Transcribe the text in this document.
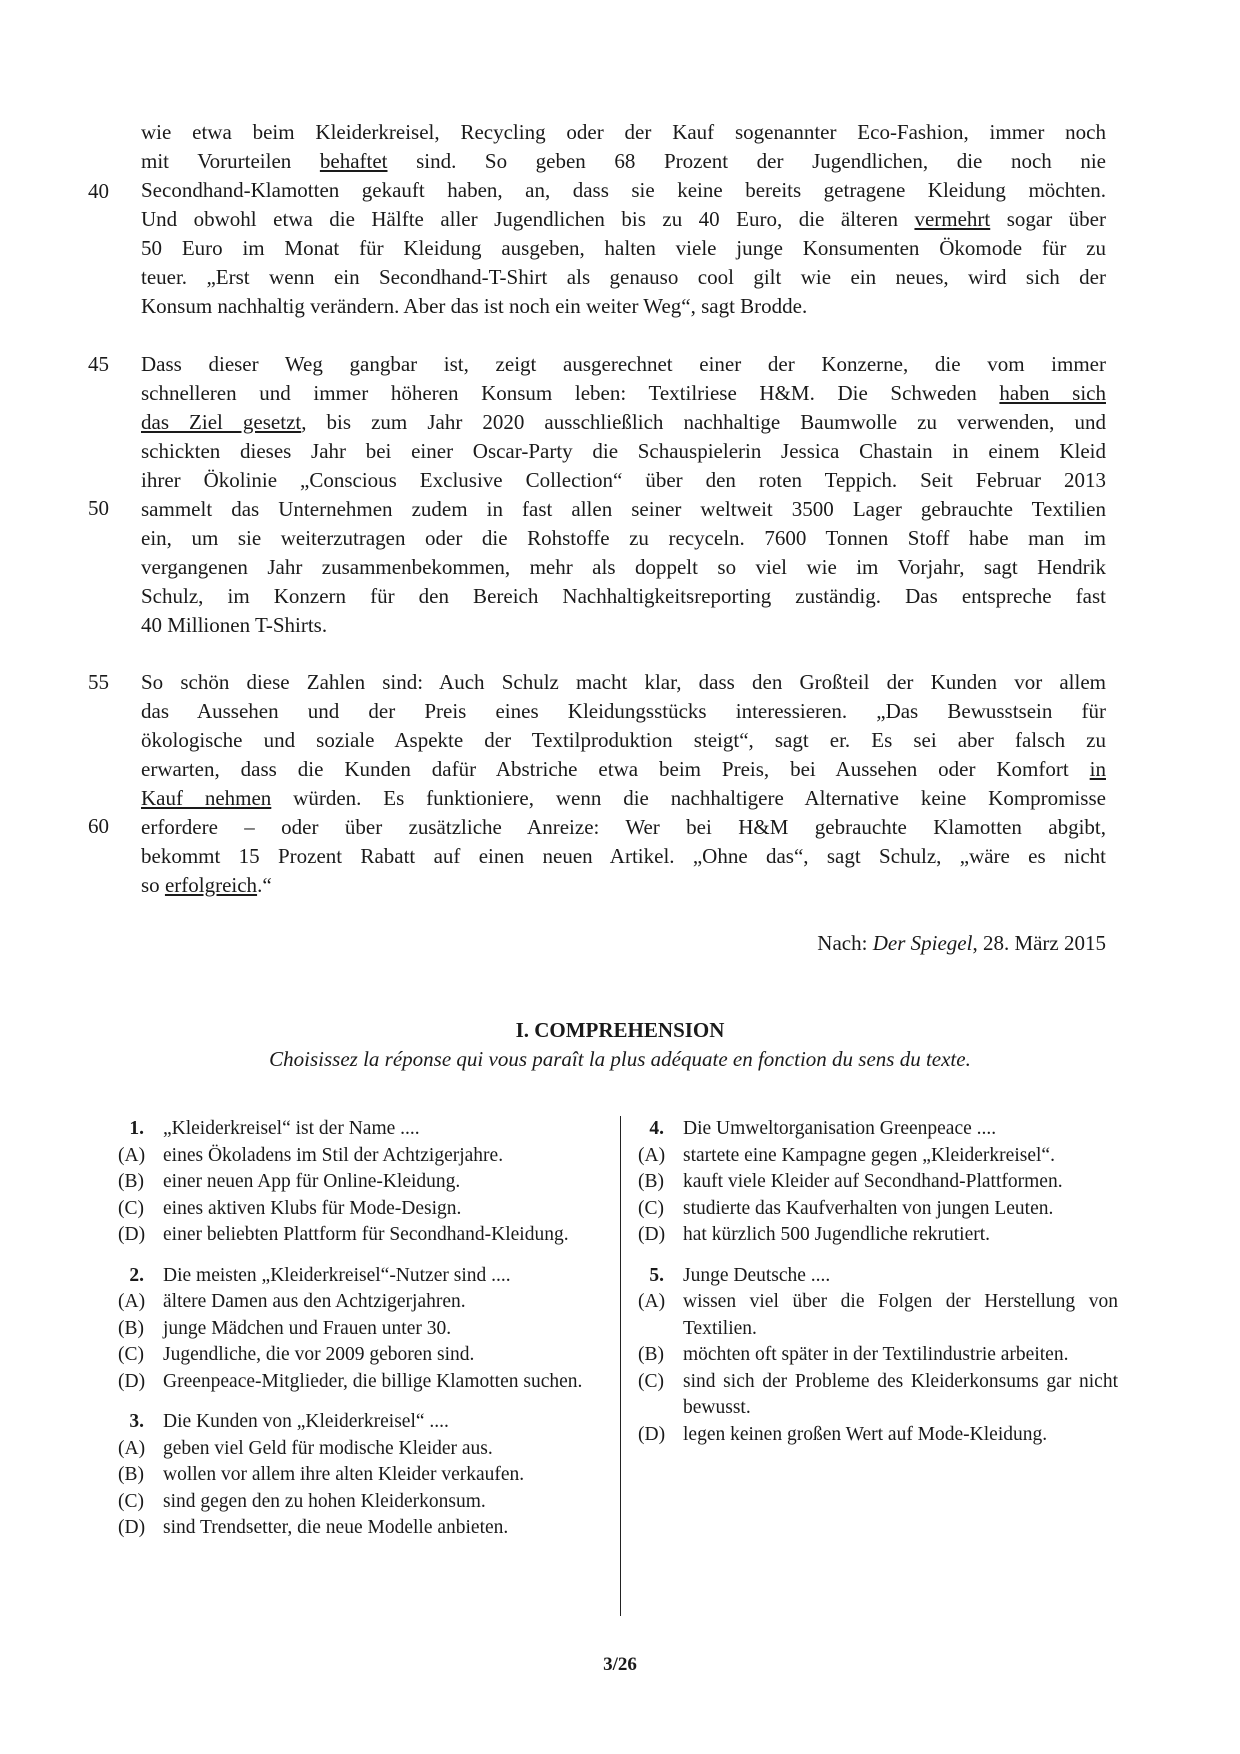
40
45
50
55
60
wie etwa beim Kleiderkreisel, Recycling oder der Kauf sogenannter Eco-Fashion, immer noch
mit Vorurteilen behaftet sind. So geben 68 Prozent der Jugendlichen, die noch nie
Secondhand-Klamotten gekauft haben, an, dass sie keine bereits getragene Kleidung möchten.
Und obwohl etwa die Hälfte aller Jugendlichen bis zu 40 Euro, die älteren vermehrt sogar über
50 Euro im Monat für Kleidung ausgeben, halten viele junge Konsumenten Ökomode für zu
teuer. „Erst wenn ein Secondhand-T-Shirt als genauso cool gilt wie ein neues, wird sich der
Konsum nachhaltig verändern. Aber das ist noch ein weiter Weg“, sagt Brodde.
Dass dieser Weg gangbar ist, zeigt ausgerechnet einer der Konzerne, die vom immer
schnelleren und immer höheren Konsum leben: Textilriese H&M. Die Schweden haben sich
das Ziel gesetzt, bis zum Jahr 2020 ausschließlich nachhaltige Baumwolle zu verwenden, und
schickten dieses Jahr bei einer Oscar-Party die Schauspielerin Jessica Chastain in einem Kleid
ihrer Ökolinie „Conscious Exclusive Collection“ über den roten Teppich. Seit Februar 2013
sammelt das Unternehmen zudem in fast allen seiner weltweit 3500 Lager gebrauchte Textilien
ein, um sie weiterzutragen oder die Rohstoffe zu recyceln. 7600 Tonnen Stoff habe man im
vergangenen Jahr zusammenbekommen, mehr als doppelt so viel wie im Vorjahr, sagt Hendrik
Schulz, im Konzern für den Bereich Nachhaltigkeitsreporting zuständig. Das entspreche fast
40 Millionen T-Shirts.
So schön diese Zahlen sind: Auch Schulz macht klar, dass den Großteil der Kunden vor allem
das Aussehen und der Preis eines Kleidungsstücks interessieren. „Das Bewusstsein für
ökologische und soziale Aspekte der Textilproduktion steigt“, sagt er. Es sei aber falsch zu
erwarten, dass die Kunden dafür Abstriche etwa beim Preis, bei Aussehen oder Komfort in
Kauf nehmen würden. Es funktioniere, wenn die nachhaltigere Alternative keine Kompromisse
erfordere – oder über zusätzliche Anreize: Wer bei H&M gebrauchte Klamotten abgibt,
bekommt 15 Prozent Rabatt auf einen neuen Artikel. „Ohne das“, sagt Schulz, „wäre es nicht
so erfolgreich.“
Nach: Der Spiegel, 28. März 2015
I. COMPREHENSION
Choisissez la réponse qui vous paraît la plus adéquate en fonction du sens du texte.
1. „Kleiderkreisel“ ist der Name ....
(A) eines Ökoladens im Stil der Achtzigerjahre.
(B) einer neuen App für Online-Kleidung.
(C) eines aktiven Klubs für Mode-Design.
(D) einer beliebten Plattform für Secondhand-Kleidung.
2. Die meisten „Kleiderkreisel“-Nutzer sind ....
(A) ältere Damen aus den Achtzigerjahren.
(B) junge Mädchen und Frauen unter 30.
(C) Jugendliche, die vor 2009 geboren sind.
(D) Greenpeace-Mitglieder, die billige Klamotten suchen.
3. Die Kunden von „Kleiderkreisel“ ....
(A) geben viel Geld für modische Kleider aus.
(B) wollen vor allem ihre alten Kleider verkaufen.
(C) sind gegen den zu hohen Kleiderkonsum.
(D) sind Trendsetter, die neue Modelle anbieten.
4. Die Umweltorganisation Greenpeace ....
(A) startete eine Kampagne gegen „Kleiderkreisel“.
(B) kauft viele Kleider auf Secondhand-Plattformen.
(C) studierte das Kaufverhalten von jungen Leuten.
(D) hat kürzlich 500 Jugendliche rekrutiert.
5. Junge Deutsche ....
(A) wissen viel über die Folgen der Herstellung von Textilien.
(B) möchten oft später in der Textilindustrie arbeiten.
(C) sind sich der Probleme des Kleiderkonsums gar nicht bewusst.
(D) legen keinen großen Wert auf Mode-Kleidung.
3/26
